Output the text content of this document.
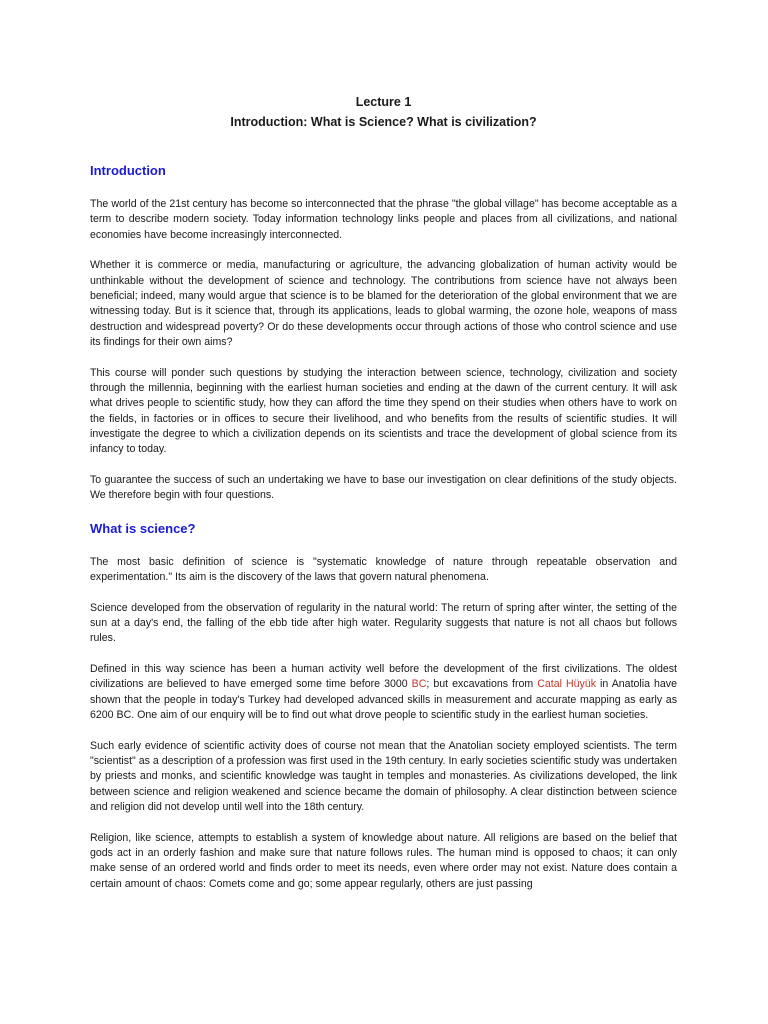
Lecture 1

Introduction: What is Science? What is civilization?

Introduction

The world of the 21st century has become so interconnected that the phrase "the global village" has become acceptable as a term to describe modern society. Today information technology links people and places from all civilizations, and national economies have become increasingly interconnected.

Whether it is commerce or media, manufacturing or agriculture, the advancing globalization of human activity would be unthinkable without the development of science and technology. The contributions from science have not always been beneficial; indeed, many would argue that science is to be blamed for the deterioration of the global environment that we are witnessing today. But is it science that, through its applications, leads to global warming, the ozone hole, weapons of mass destruction and widespread poverty? Or do these developments occur through actions of those who control science and use its findings for their own aims?

This course will ponder such questions by studying the interaction between science, technology, civilization and society through the millennia, beginning with the earliest human societies and ending at the dawn of the current century. It will ask what drives people to scientific study, how they can afford the time they spend on their studies when others have to work on the fields, in factories or in offices to secure their livelihood, and who benefits from the results of scientific studies. It will investigate the degree to which a civilization depends on its scientists and trace the development of global science from its infancy to today.

To guarantee the success of such an undertaking we have to base our investigation on clear definitions of the study objects. We therefore begin with four questions.

What is science?

The most basic definition of science is "systematic knowledge of nature through repeatable observation and experimentation." Its aim is the discovery of the laws that govern natural phenomena.

Science developed from the observation of regularity in the natural world: The return of spring after winter, the setting of the sun at a day's end, the falling of the ebb tide after high water. Regularity suggests that nature is not all chaos but follows rules.

Defined in this way science has been a human activity well before the development of the first civilizations. The oldest civilizations are believed to have emerged some time before 3000 BC; but excavations from Catal Hüyük in Anatolia have shown that the people in today's Turkey had developed advanced skills in measurement and accurate mapping as early as 6200 BC. One aim of our enquiry will be to find out what drove people to scientific study in the earliest human societies.

Such early evidence of scientific activity does of course not mean that the Anatolian society employed scientists. The term "scientist" as a description of a profession was first used in the 19th century. In early societies scientific study was undertaken by priests and monks, and scientific knowledge was taught in temples and monasteries. As civilizations developed, the link between science and religion weakened and science became the domain of philosophy. A clear distinction between science and religion did not develop until well into the 18th century.

Religion, like science, attempts to establish a system of knowledge about nature. All religions are based on the belief that gods act in an orderly fashion and make sure that nature follows rules. The human mind is opposed to chaos; it can only make sense of an ordered world and finds order to meet its needs, even where order may not exist. Nature does contain a certain amount of chaos: Comets come and go; some appear regularly, others are just passing
